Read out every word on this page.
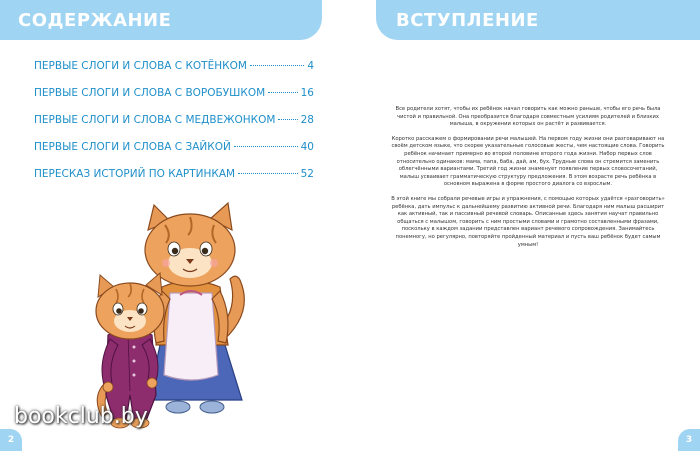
СОДЕРЖАНИЕ
ПЕРВЫЕ СЛОГИ И СЛОВА С КОТЁНКОМ	4
ПЕРВЫЕ СЛОГИ И СЛОВА С ВОРОБУШКОМ	16
ПЕРВЫЕ СЛОГИ И СЛОВА С МЕДВЕЖОНКОМ 28
ПЕРВЫЕ СЛОГИ И СЛОВА С ЗАЙКОЙ	40
ПЕРЕСКАЗ ИСТОРИЙ ПО КАРТИНКАМ	52
bookclub.by
2
ВСТУПЛЕНИЕ

Все родители хотят, чтобы их ребёнок начал говорить как можно раньше, чтобы его речь была чистой и правильной. Она преобразится благодаря совместным усилиям родителей и близких малыша, в окружении которых он растёт и развивается.

Коротко расскажем о формировании речи малышей. На первом году жизни они разговаривают на своём детском языке, что скорее указательные голосовые жесты, чем настоящие слова. Говорить ребёнок начинает примерно во второй половине второго года жизни. Набор первых слов относительно одинаков: мама, папа, баба, дай, ам, бух. Трудные слова он стремится заменить облегчёнными вариантами. Третий год жизни знаменует появление первых словосочетаний, малыш усваивает грамматическую структуру предложения. В этом возрасте речь ребёнка в основном выражена в форме простого диалога со взрослым.

В этой книге мы собрали речевые игры и упражнения, с помощью которых удаётся «разговорить» ребёнка, дать импульс к дальнейшему развитию активной речи. Благодаря ним малыш расширит как активный, так и пассивный речевой словарь. Описанные здесь занятия научат правильно общаться с малышом, говорить с ним простыми словами и грамотно составленными фразами, поскольку в каждом задании представлен вариант речевого сопровождения. Занимайтесь понемногу, но регулярно, повторяйте пройденный материал и пусть ваш ребёнок будет самым умным!

3
